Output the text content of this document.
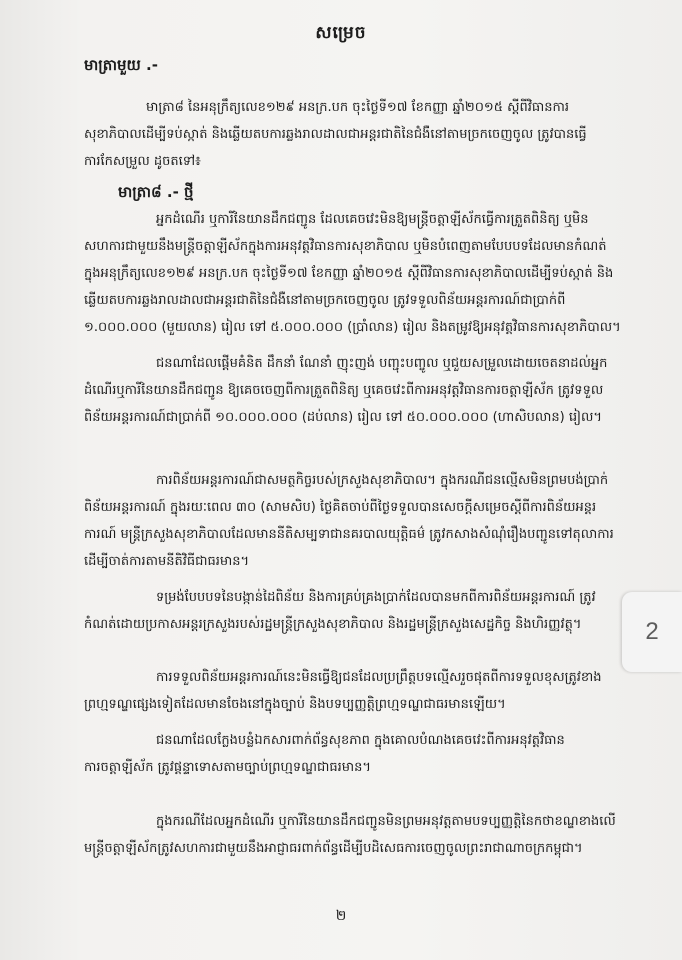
សម្រេច
មាត្រាមួយ .-

មាត្រា៨ នៃអនុក្រឹត្យលេខ១២៩ អនក្រ.បក ចុះថ្ងៃទី១៧ ខែកញ្ញា ឆ្នាំ២០១៥ ស្ដីពីវិធានការសុខាភិបាលដើម្បីទប់ស្កាត់ និងឆ្លើយតបការឆ្លងរាលដាលជាអន្តរជាតិនៃជំងឺនៅតាមច្រកចេញចូល ត្រូវបានធ្វើការកែសម្រួល ដូចតទៅ៖

មាត្រា៨ .- ថ្មី

អ្នកដំណើរ ឬការីនៃយានដឹកជញ្ជូន ដែលគេចវេះមិនឱ្យមន្រ្តីចត្តាឡីស័កធ្វើការត្រួតពិនិត្យ ឬមិនសហការជាមួយនឹងមន្រ្តីចត្តាឡីស័កក្នុងការអនុវត្តវិធានការសុខាភិបាល ឬមិនបំពេញតាមបែបបទដែលមានកំណត់ក្នុងអនុក្រឹត្យលេខ១២៩ អនក្រ.បក ចុះថ្ងៃទី១៧ ខែកញ្ញា ឆ្នាំ២០១៥ ស្ដីពីវិធានការសុខាភិបាលដើម្បីទប់ស្កាត់ និងឆ្លើយតបការឆ្លងរាលដាលជាអន្តរជាតិនៃជំងឺនៅតាមច្រកចេញចូល ត្រូវទទួលពិន័យអន្តរការណ៍ជាប្រាក់ពី ១.០០០.០០០ (មួយលាន) រៀល ទៅ ៥.០០០.០០០ (ប្រាំលាន) រៀល និងតម្រូវឱ្យអនុវត្តវិធានការសុខាភិបាល។

ជនណាដែលផ្ដើមគំនិត ដឹកនាំ ណែនាំ ញុះញង់ បញ្ជុះបញ្ចូល ឬជួយសម្រួលដោយចេតនាដល់អ្នកដំណើរឬការីនៃយានដឹកជញ្ជូន ឱ្យគេចចេញពីការត្រួតពិនិត្យ ឬគេចវេះពីការអនុវត្តវិធានការចត្តាឡីស័ក ត្រូវទទួលពិន័យអន្តរការណ៍ជាប្រាក់ពី ១០.០០០.០០០ (ដប់លាន) រៀល ទៅ ៥០.០០០.០០០ (ហាសិបលាន) រៀល។

ការពិន័យអន្តរការណ៍ជាសមត្ថកិច្ចរបស់ក្រសួងសុខាភិបាល។ ក្នុងករណីជនល្មើសមិនព្រមបង់ប្រាក់ពិន័យអន្តរការណ៍ ក្នុងរយៈពេល ៣០ (សាមសិប) ថ្ងៃគិតចាប់ពីថ្ងៃទទួលបានសេចក្ដីសម្រេចស្ដីពីការពិន័យអន្តរការណ៍ មន្រ្តីក្រសួងសុខាភិបាលដែលមាននីតិសម្បទាជានគរបាលយុត្តិធម៌ ត្រូវកសាងសំណុំរឿងបញ្ជូនទៅតុលាការ ដើម្បីចាត់ការតាមនីតិវិធីជាធរមាន។

ទម្រង់បែបបទនៃបង្កាន់ដៃពិន័យ និងការគ្រប់គ្រងប្រាក់ដែលបានមកពីការពិន័យអន្តរការណ៍ ត្រូវកំណត់ដោយប្រកាសអន្តរក្រសួងរបស់រដ្ឋមន្រ្តីក្រសួងសុខាភិបាល និងរដ្ឋមន្រ្តីក្រសួងសេដ្ឋកិច្ច និងហិរញ្ញវត្ថុ។

ការទទួលពិន័យអន្តរការណ៍នេះមិនធ្វើឱ្យជនដែលប្រព្រឹត្តបទល្មើសរួចផុតពីការទទួលខុសត្រូវខាងព្រហ្មទណ្ឌផ្សេងទៀតដែលមានចែងនៅក្នុងច្បាប់ និងបទប្បញ្ញត្តិព្រហ្មទណ្ឌជាធរមានឡើយ។

ជនណាដែលក្លែងបន្លំឯកសារពាក់ព័ន្ធសុខភាព ក្នុងគោលបំណងគេចវេះពីការអនុវត្តវិធានការចត្តាឡីស័ក ត្រូវផ្ដន្ទាទោសតាមច្បាប់ព្រហ្មទណ្ឌជាធរមាន។

ក្នុងករណីដែលអ្នកដំណើរ ឬការីនៃយានដឹកជញ្ជូនមិនព្រមអនុវត្តតាមបទប្បញ្ញត្តិនៃកថាខណ្ឌខាងលើ មន្រ្តីចត្តាឡីស័កត្រូវសហការជាមួយនឹងអាជ្ញាធរពាក់ព័ន្ធដើម្បីបដិសេធការចេញចូលព្រះរាជាណាចក្រកម្ពុជា។

២
2
